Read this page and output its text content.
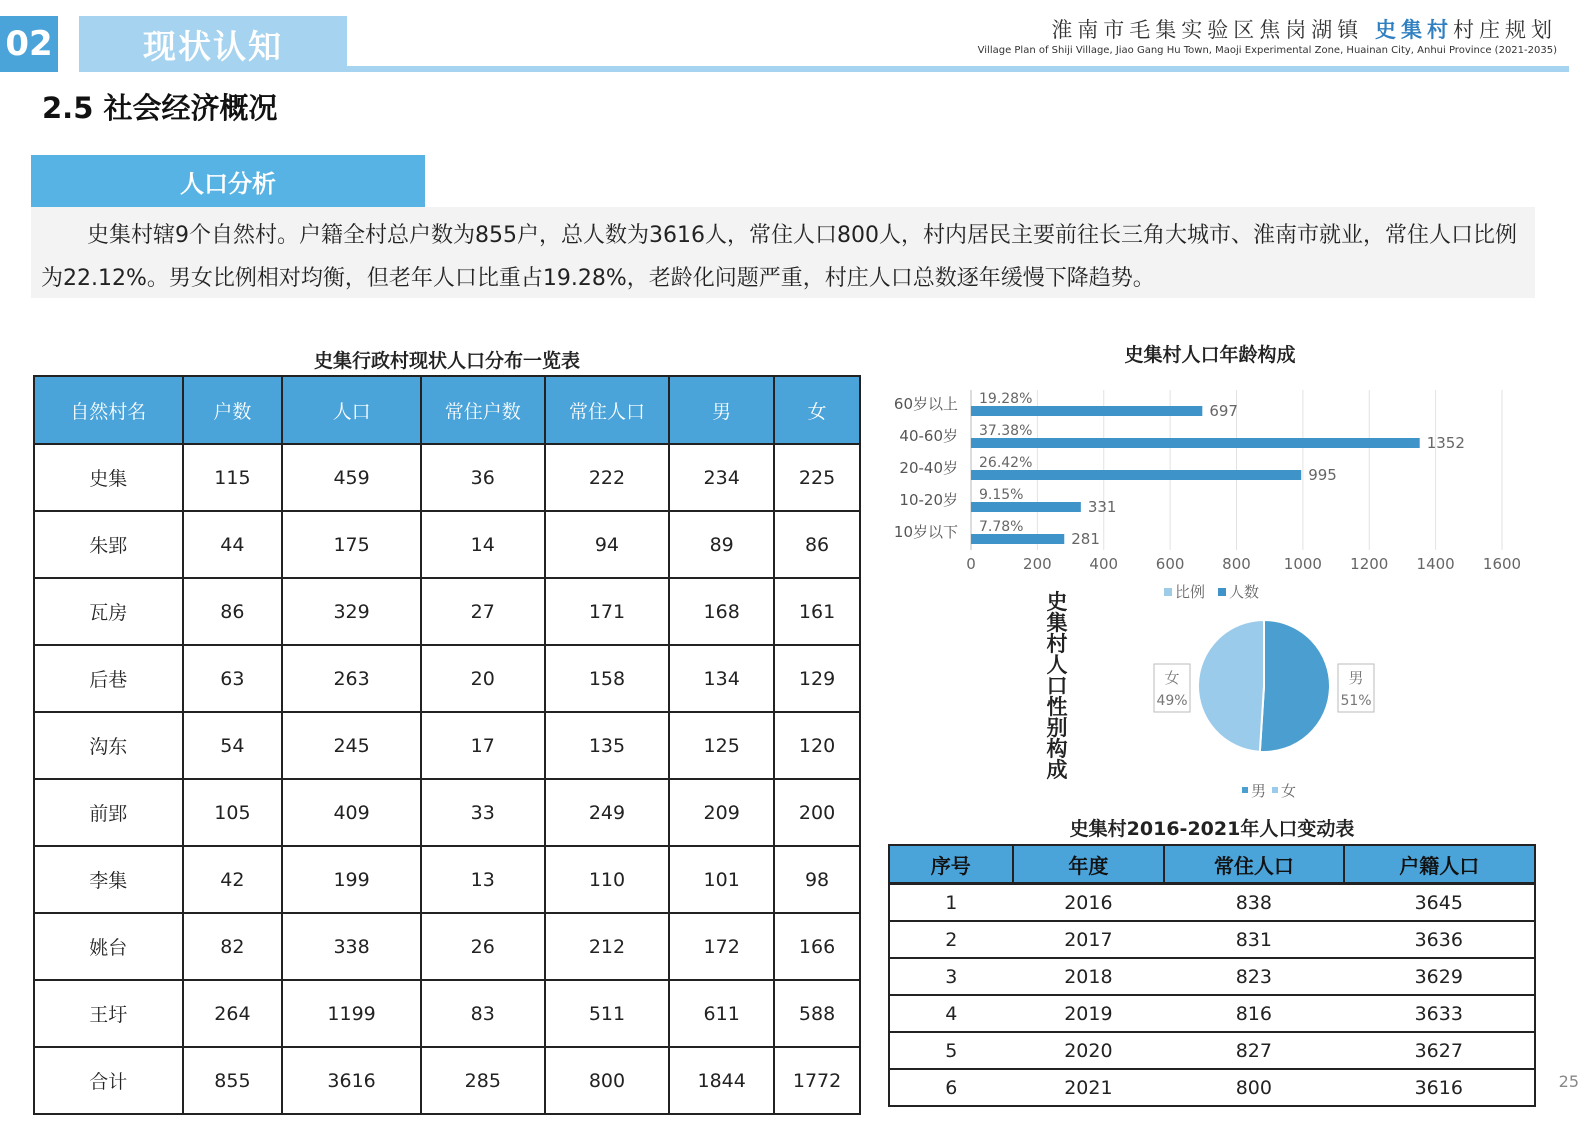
02	现状认知	淮南市毛集实验区焦岗湖镇 史集村村庄规划
Village Plan of Shiji Village, Jiao Gang Hu Town, Maoji Experimental Zone, Huainan City, Anhui Province (2021-2035)
2.5 社会经济概况
人口分析
史集村辖9个自然村。户籍全村总户数为855户，总人数为3616人，常住人口800人，村内居民主要前往长三角大城市、淮南市就业，常住人口比例为22.12%。男女比例相对均衡，但老年人口比重占19.28%，老龄化问题严重，村庄人口总数逐年缓慢下降趋势。
史集行政村现状人口分布一览表
自然村名	户数	人口	常住户数	常住人口	男	女
史集	115	459	36	222	234	225
朱郢	44	175	14	94	89	86
瓦房	86	329	27	171	168	161
后巷	63	263	20	158	134	129
沟东	54	245	17	135	125	120
前郢	105	409	33	249	209	200
李集	42	199	13	110	101	98
姚台	82	338	26	212	172	166
王圩	264	1199	83	511	611	588
合计	855	3616	285	800	1844	1772
史集村人口年龄构成
0	200	400	600	800 1000 1200 1400 1600
60岁以上	697
19.28%
40-60岁	1352
37.38%
20-40岁	995
26.42%
10-20岁	331
9.15%
10岁以下	281
7.78%
比例 人数
史集村人口性别构成
男
51%
女
49%
男 女
史集村2016-2021年人口变动表
序号	年度	常住人口	户籍人口
1	2016	838	3645
2	2017	831	3636
3	2018	823	3629
4	2019	816	3633
5	2020	827	3627
6	2021	800	3616	25
